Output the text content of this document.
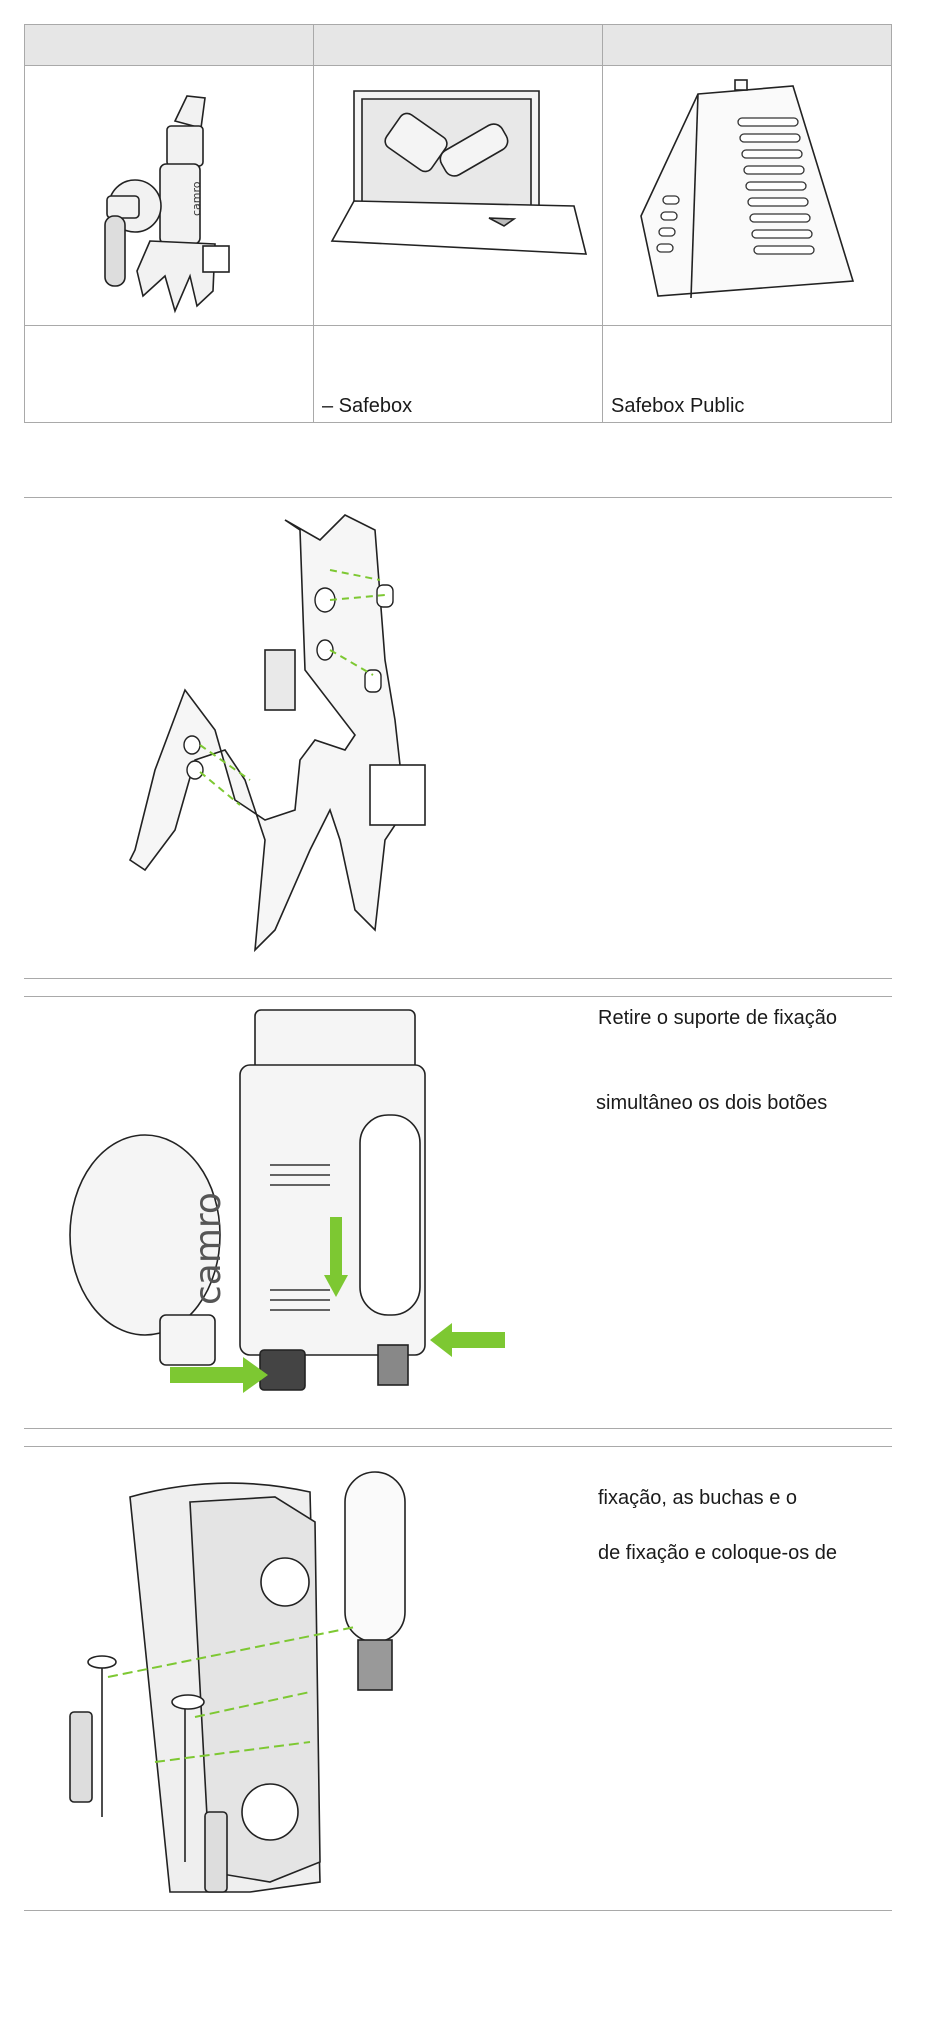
camro

	– Safebox	Safebox Public
camro
Retire o suporte de fixação
simultâneo os dois botões
fixação, as buchas e o
de fixação e coloque-os de
